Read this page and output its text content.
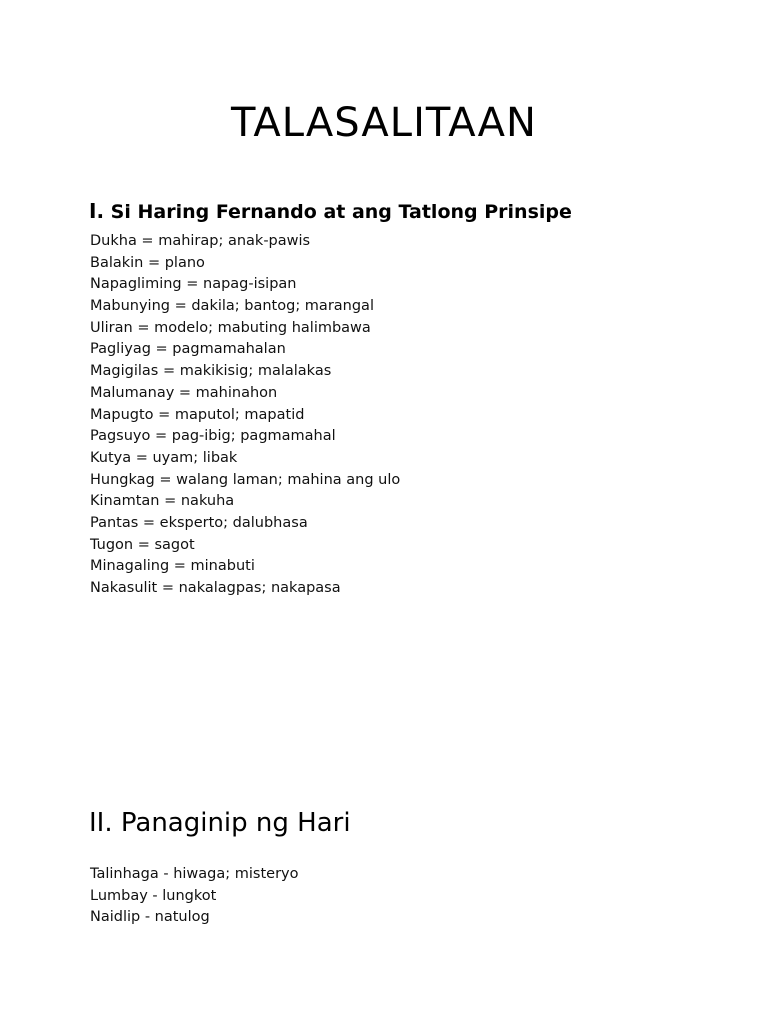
TALASALITAAN
I. Si Haring Fernando at ang Tatlong Prinsipe
Dukha = mahirap; anak-pawis
Balakin = plano
Napagliming = napag-isipan
Mabunying = dakila; bantog; marangal
Uliran = modelo; mabuting halimbawa
Pagliyag = pagmamahalan
Magigilas = makikisig; malalakas
Malumanay = mahinahon
Mapugto = maputol; mapatid
Pagsuyo = pag-ibig; pagmamahal
Kutya = uyam; libak
Hungkag = walang laman; mahina ang ulo
Kinamtan = nakuha
Pantas = eksperto; dalubhasa
Tugon = sagot
Minagaling = minabuti
Nakasulit = nakalagpas; nakapasa
II. Panaginip ng Hari
Talinhaga - hiwaga; misteryo
Lumbay - lungkot
Naidlip - natulog
